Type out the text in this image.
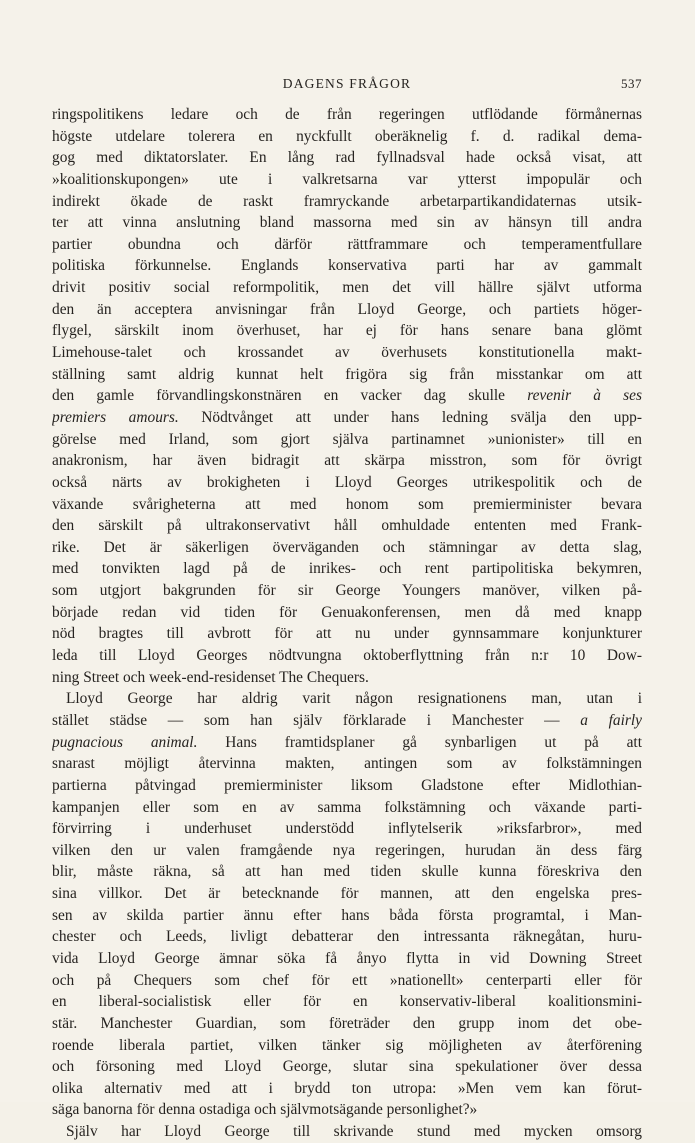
DAGENS FRÅGOR	537
ringspolitikens ledare och de från regeringen utflödande förmånernas
högste utdelare tolerera en nyckfullt oberäknelig f. d. radikal dema-
gog med diktatorslater. En lång rad fyllnadsval hade också visat, att
»koalitionskupongen» ute i valkretsarna var ytterst impopulär och
indirekt ökade de raskt framryckande arbetarpartikandidaternas utsik-
ter att vinna anslutning bland massorna med sin av hänsyn till andra
partier obundna och därför rättframmare och temperamentfullare
politiska förkunnelse. Englands konservativa parti har av gammalt
drivit positiv social reformpolitik, men det vill hällre självt utforma
den än acceptera anvisningar från Lloyd George, och partiets höger-
flygel, särskilt inom överhuset, har ej för hans senare bana glömt
Limehouse-talet och krossandet av överhusets konstitutionella makt-
ställning samt aldrig kunnat helt frigöra sig från misstankar om att
den gamle förvandlingskonstnären en vacker dag skulle revenir à ses
premiers amours. Nödtvånget att under hans ledning svälja den upp-
görelse med Irland, som gjort själva partinamnet »unionister» till en
anakronism, har även bidragit att skärpa misstron, som för övrigt
också närts av brokigheten i Lloyd Georges utrikespolitik och de
växande svårigheterna att med honom som premierminister bevara
den särskilt på ultrakonservativt håll omhuldade ententen med Frank-
rike. Det är säkerligen överväganden och stämningar av detta slag,
med tonvikten lagd på de inrikes- och rent partipolitiska bekymren,
som utgjort bakgrunden för sir George Youngers manöver, vilken på-
började redan vid tiden för Genuakonferensen, men då med knapp
nöd bragtes till avbrott för att nu under gynnsammare konjunkturer
leda till Lloyd Georges nödtvungna oktoberflyttning från n:r 10 Dow-
ning Street och week-end-residenset The Chequers.
Lloyd George har aldrig varit någon resignationens man, utan i
stället städse — som han själv förklarade i Manchester — a fairly
pugnacious animal. Hans framtidsplaner gå synbarligen ut på att
snarast möjligt återvinna makten, antingen som av folkstämningen
partierna påtvingad premierminister liksom Gladstone efter Midlothian-
kampanjen eller som en av samma folkstämning och växande parti-
förvirring i underhuset understödd inflytelserik »riksfarbror», med
vilken den ur valen framgående nya regeringen, hurudan än dess färg
blir, måste räkna, så att han med tiden skulle kunna föreskriva den
sina villkor. Det är betecknande för mannen, att den engelska pres-
sen av skilda partier ännu efter hans båda första programtal, i Man-
chester och Leeds, livligt debatterar den intressanta räknegåtan, huru-
vida Lloyd George ämnar söka få ånyo flytta in vid Downing Street
och på Chequers som chef för ett »nationellt» centerparti eller för
en liberal-socialistisk eller för en konservativ-liberal koalitionsmini-
stär. Manchester Guardian, som företräder den grupp inom det obe-
roende liberala partiet, vilken tänker sig möjligheten av återförening
och försoning med Lloyd George, slutar sina spekulationer över dessa
olika alternativ med att i brydd ton utropa: »Men vem kan förut-
säga banorna för denna ostadiga och självmotsägande personlighet?»
Själv har Lloyd George till skrivande stund med mycken omsorg
